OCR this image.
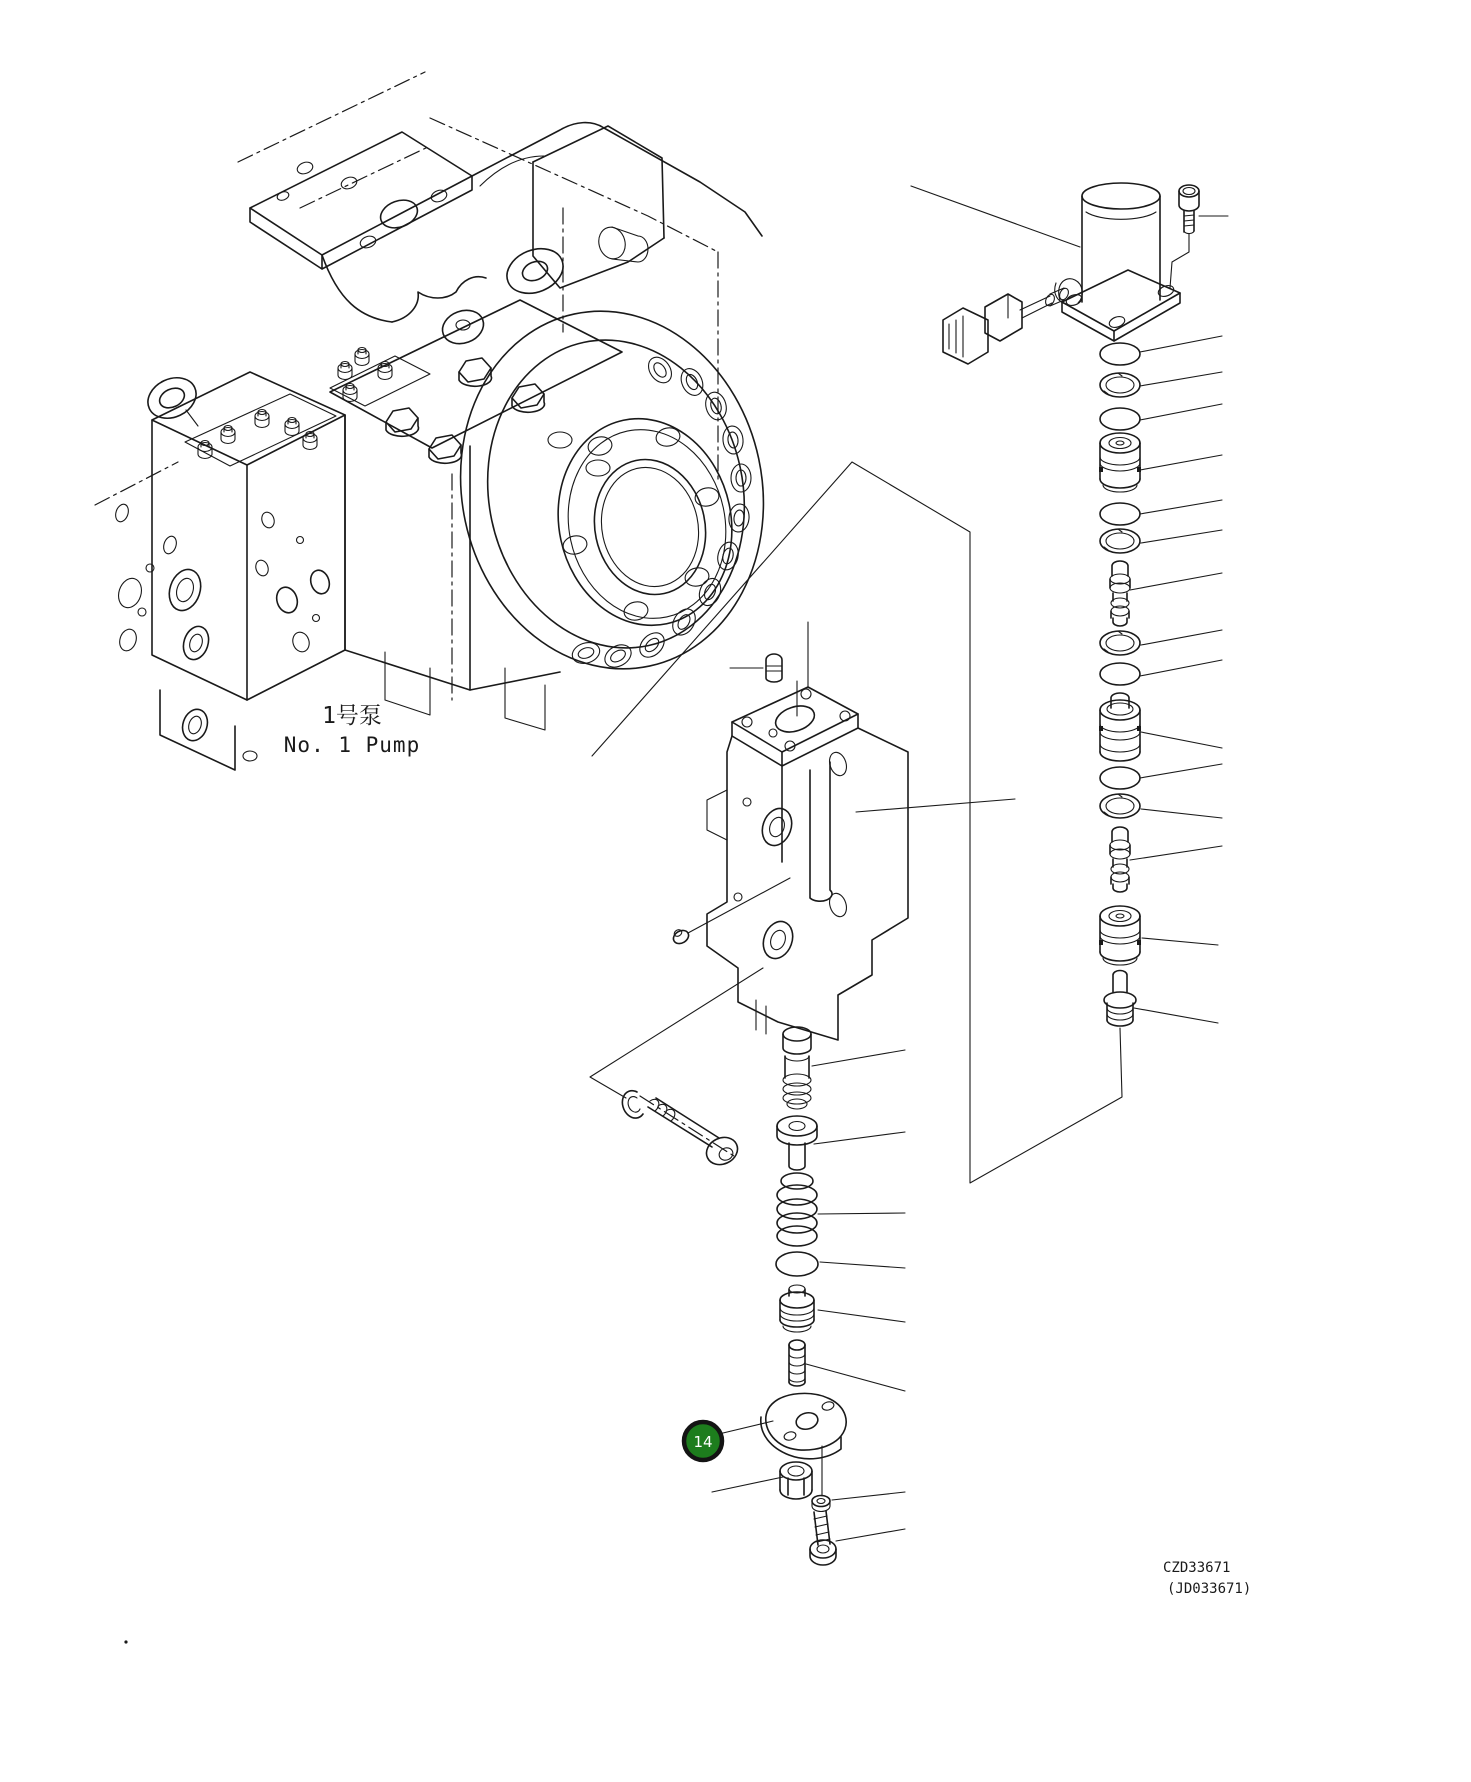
1号泵
No. 1 Pump
14
CZD33671
(JD033671)
